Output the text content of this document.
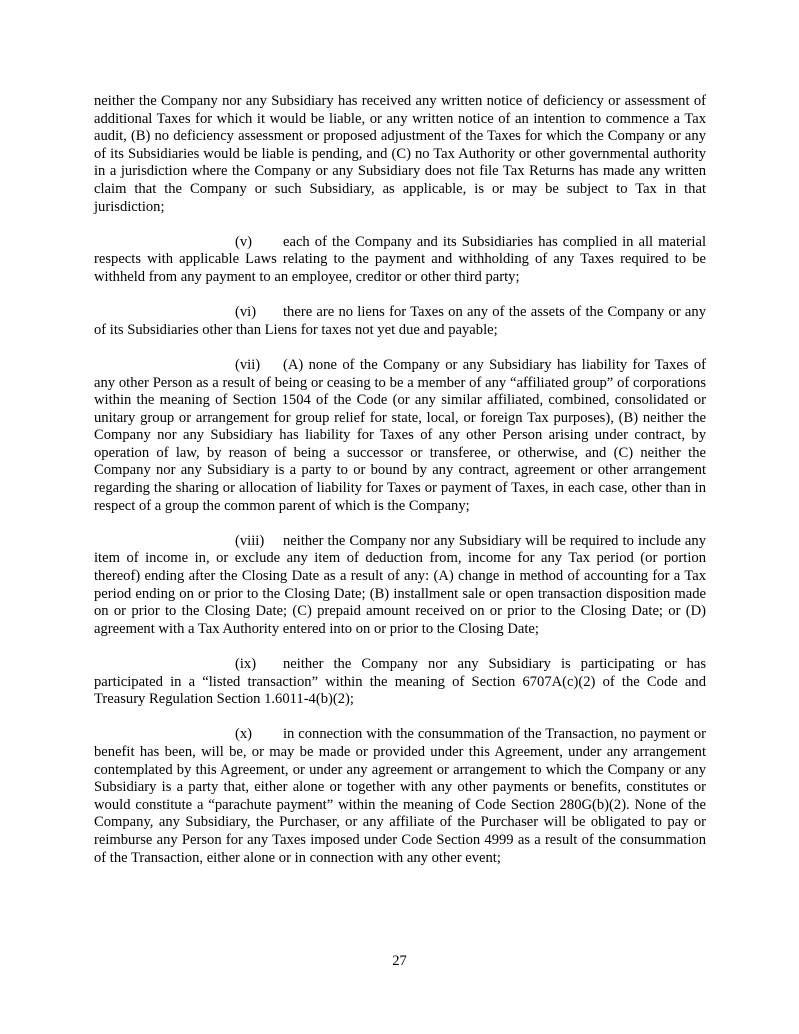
neither the Company nor any Subsidiary has received any written notice of deficiency or assessment of additional Taxes for which it would be liable, or any written notice of an intention to commence a Tax audit, (B) no deficiency assessment or proposed adjustment of the Taxes for which the Company or any of its Subsidiaries would be liable is pending, and (C) no Tax Authority or other governmental authority in a jurisdiction where the Company or any Subsidiary does not file Tax Returns has made any written claim that the Company or such Subsidiary, as applicable, is or may be subject to Tax in that jurisdiction;

(v) each of the Company and its Subsidiaries has complied in all material respects with applicable Laws relating to the payment and withholding of any Taxes required to be withheld from any payment to an employee, creditor or other third party;

(vi) there are no liens for Taxes on any of the assets of the Company or any of its Subsidiaries other than Liens for taxes not yet due and payable;

(vii) (A) none of the Company or any Subsidiary has liability for Taxes of any other Person as a result of being or ceasing to be a member of any “affiliated group” of corporations within the meaning of Section 1504 of the Code (or any similar affiliated, combined, consolidated or unitary group or arrangement for group relief for state, local, or foreign Tax purposes), (B) neither the Company nor any Subsidiary has liability for Taxes of any other Person arising under contract, by operation of law, by reason of being a successor or transferee, or otherwise, and (C) neither the Company nor any Subsidiary is a party to or bound by any contract, agreement or other arrangement regarding the sharing or allocation of liability for Taxes or payment of Taxes, in each case, other than in respect of a group the common parent of which is the Company;

(viii) neither the Company nor any Subsidiary will be required to include any item of income in, or exclude any item of deduction from, income for any Tax period (or portion thereof) ending after the Closing Date as a result of any: (A) change in method of accounting for a Tax period ending on or prior to the Closing Date; (B) installment sale or open transaction disposition made on or prior to the Closing Date; (C) prepaid amount received on or prior to the Closing Date; or (D) agreement with a Tax Authority entered into on or prior to the Closing Date;

(ix) neither the Company nor any Subsidiary is participating or has participated in a “listed transaction” within the meaning of Section 6707A(c)(2) of the Code and Treasury Regulation Section 1.6011-4(b)(2);

(x) in connection with the consummation of the Transaction, no payment or benefit has been, will be, or may be made or provided under this Agreement, under any arrangement contemplated by this Agreement, or under any agreement or arrangement to which the Company or any Subsidiary is a party that, either alone or together with any other payments or benefits, constitutes or would constitute a “parachute payment” within the meaning of Code Section 280G(b)(2). None of the Company, any Subsidiary, the Purchaser, or any affiliate of the Purchaser will be obligated to pay or reimburse any Person for any Taxes imposed under Code Section 4999 as a result of the consummation of the Transaction, either alone or in connection with any other event;

27
